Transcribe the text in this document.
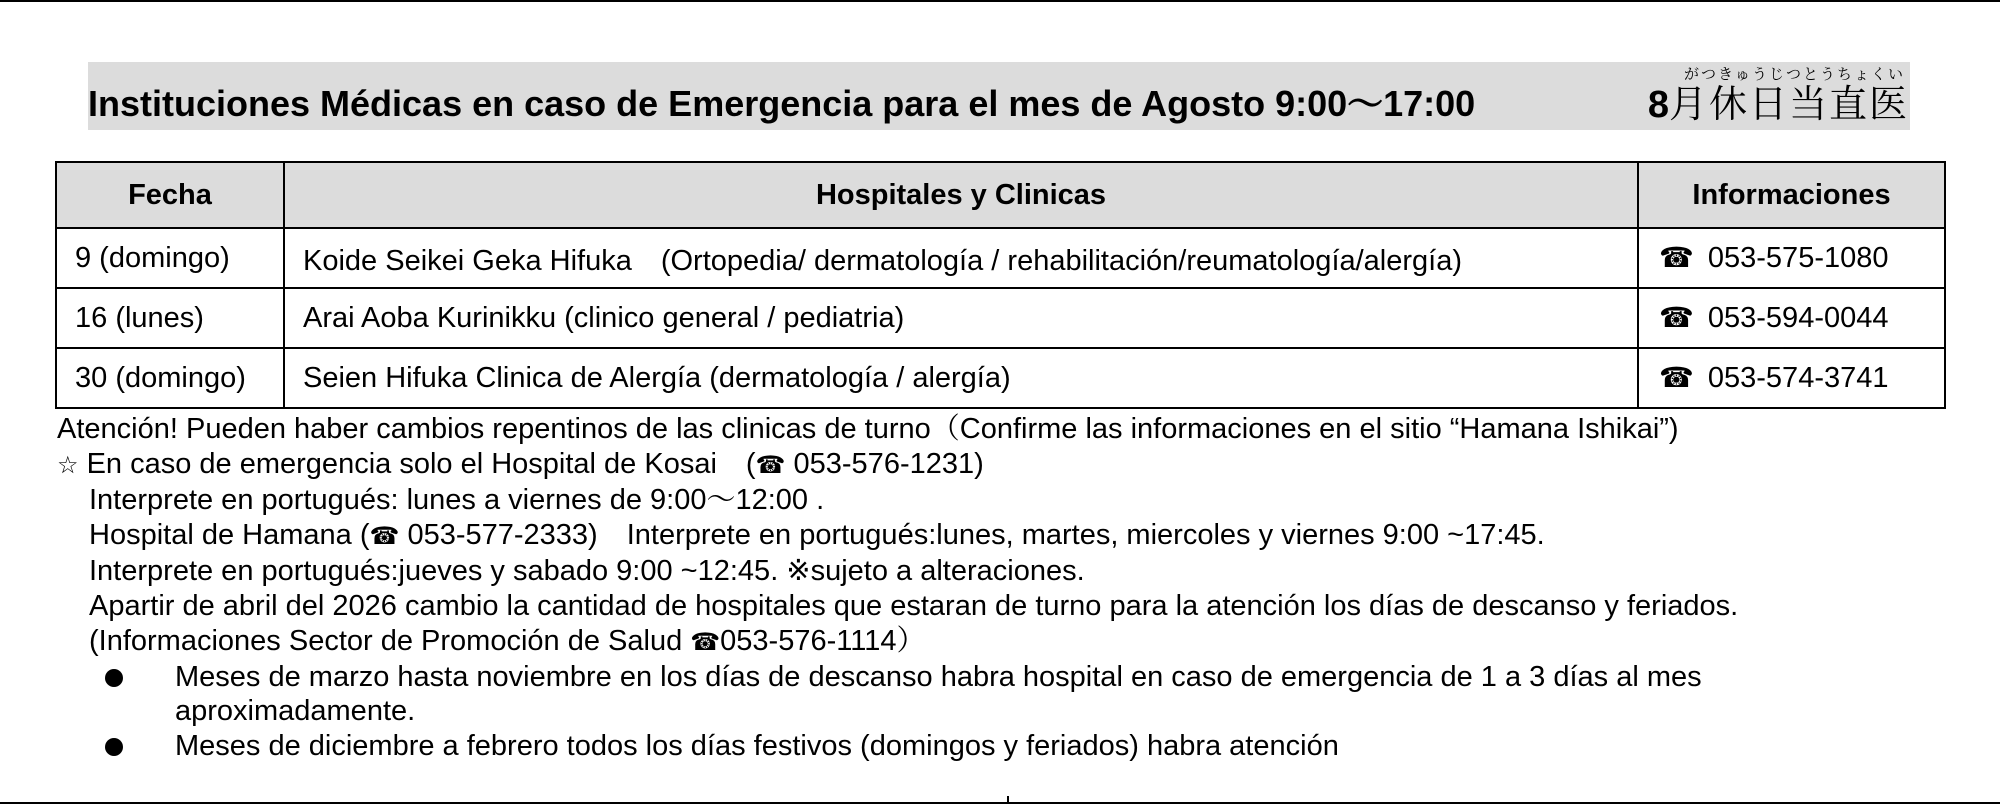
Instituciones Médicas en caso de Emergencia para el mes de Agosto 9:00〜17:00
がつきゅうじつとうちょくい
8月休日当直医
Fecha	Hospitales y Clinicas	Informaciones
9 (domingo)	Koide Seikei Geka Hifuka　(Ortopedia/ dermatología / rehabilitación/reumatología/alergía)	☎ 053-575-1080
16 (lunes)	Arai Aoba Kurinikku (clinico general / pediatria)	☎ 053-594-0044
30 (domingo)	Seien Hifuka Clinica de Alergía (dermatología / alergía)	☎ 053-574-3741
Atención! Pueden haber cambios repentinos de las clinicas de turno（Confirme las informaciones en el sitio “Hamana Ishikai”)
☆ En caso de emergencia solo el Hospital de Kosai　(☎ 053-576-1231)
Interprete en portugués: lunes a viernes de 9:00〜12:00 .
Hospital de Hamana (☎ 053-577-2333)　Interprete en portugués:lunes, martes, miercoles y viernes 9:00 ~17:45.
Interprete en portugués:jueves y sabado 9:00 ~12:45. ※sujeto a alteraciones.
Apartir de abril del 2026 cambio la cantidad de hospitales que estaran de turno para la atención los días de descanso y feriados.
(Informaciones Sector de Promoción de Salud ☎053-576-1114）
Meses de marzo hasta noviembre en los días de descanso habra hospital en caso de emergencia de 1 a 3 días al mes aproximadamente.
Meses de diciembre a febrero todos los días festivos (domingos y feriados) habra atención
